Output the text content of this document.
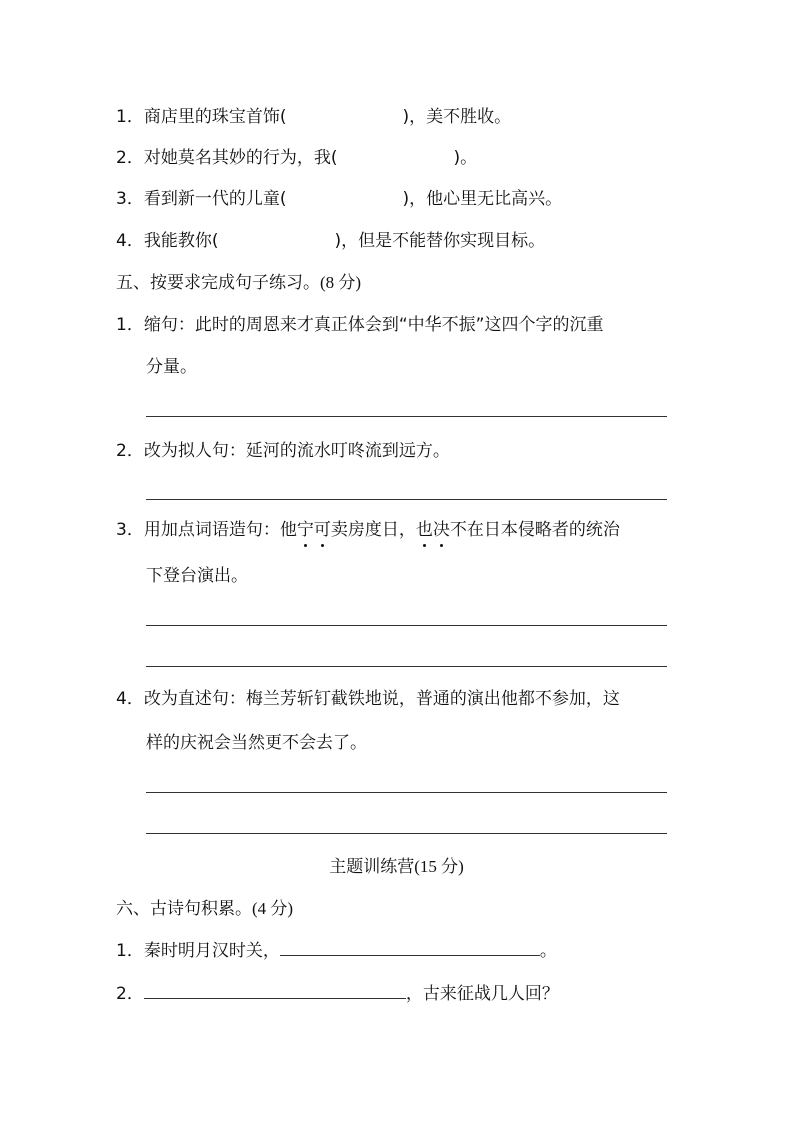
1．商店里的珠宝首饰(	)，美不胜收。
2．对她莫名其妙的行为，我(	)。
3．看到新一代的儿童(	)，他心里无比高兴。
4．我能教你(	)，但是不能替你实现目标。
五、按要求完成句子练习。(8 分)
1．缩句：此时的周恩来才真正体会到“中华不振”这四个字的沉重
分量。
2．改为拟人句：延河的流水叮咚流到远方。
3．用加点词语造句：他宁可卖房度日，也决不在日本侵略者的统治
下登台演出。
4．改为直述句：梅兰芳斩钉截铁地说，普通的演出他都不参加，这
样的庆祝会当然更不会去了。
主题训练营(15 分)
六、古诗句积累。(4 分)
1．秦时明月汉时关，	。
2．	，古来征战几人回？
